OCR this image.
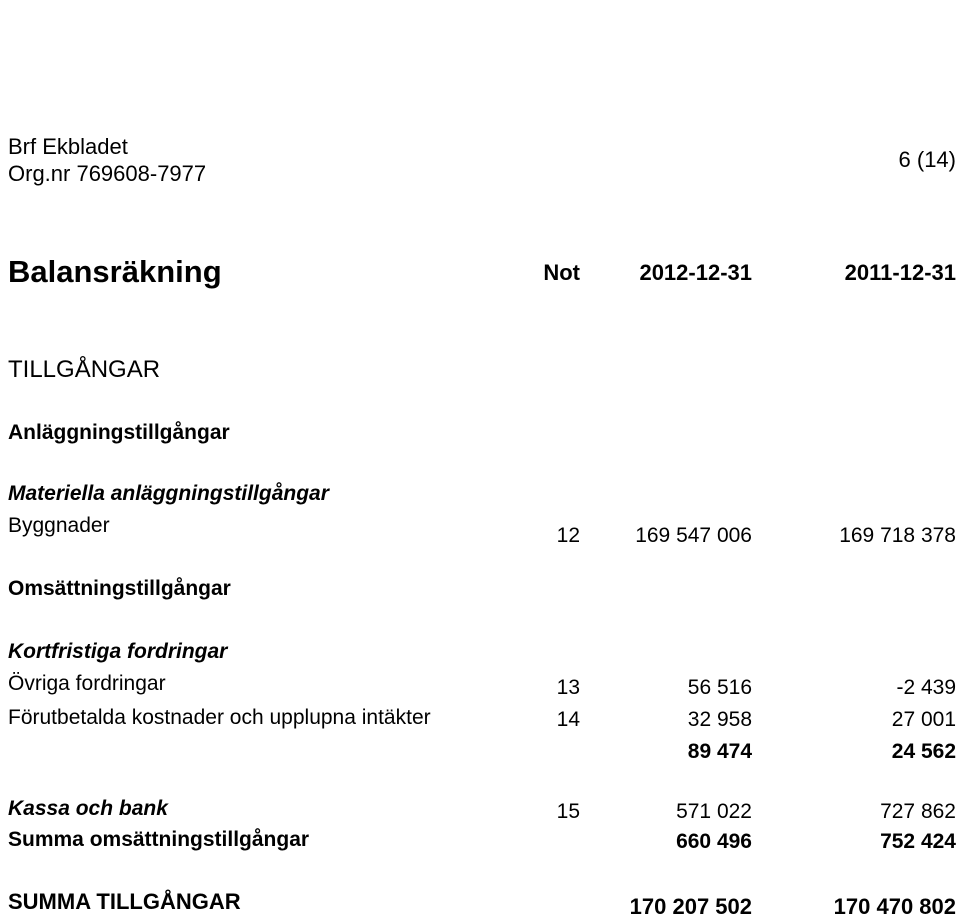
Brf Ekbladet
Org.nr 769608-7977
6 (14)
Balansräkning	Not	2012-12-31	2011-12-31
TILLGÅNGAR
Anläggningstillgångar
Materiella anläggningstillgångar
Byggnader	12	169 547 006	169 718 378
Omsättningstillgångar
Kortfristiga fordringar
Övriga fordringar	13	56 516	-2 439
Förutbetalda kostnader och upplupna intäkter	14	32 958	27 001
89 474	24 562
Kassa och bank	15	571 022	727 862
Summa omsättningstillgångar	660 496	752 424
SUMMA TILLGÅNGAR	170 207 502	170 470 802
